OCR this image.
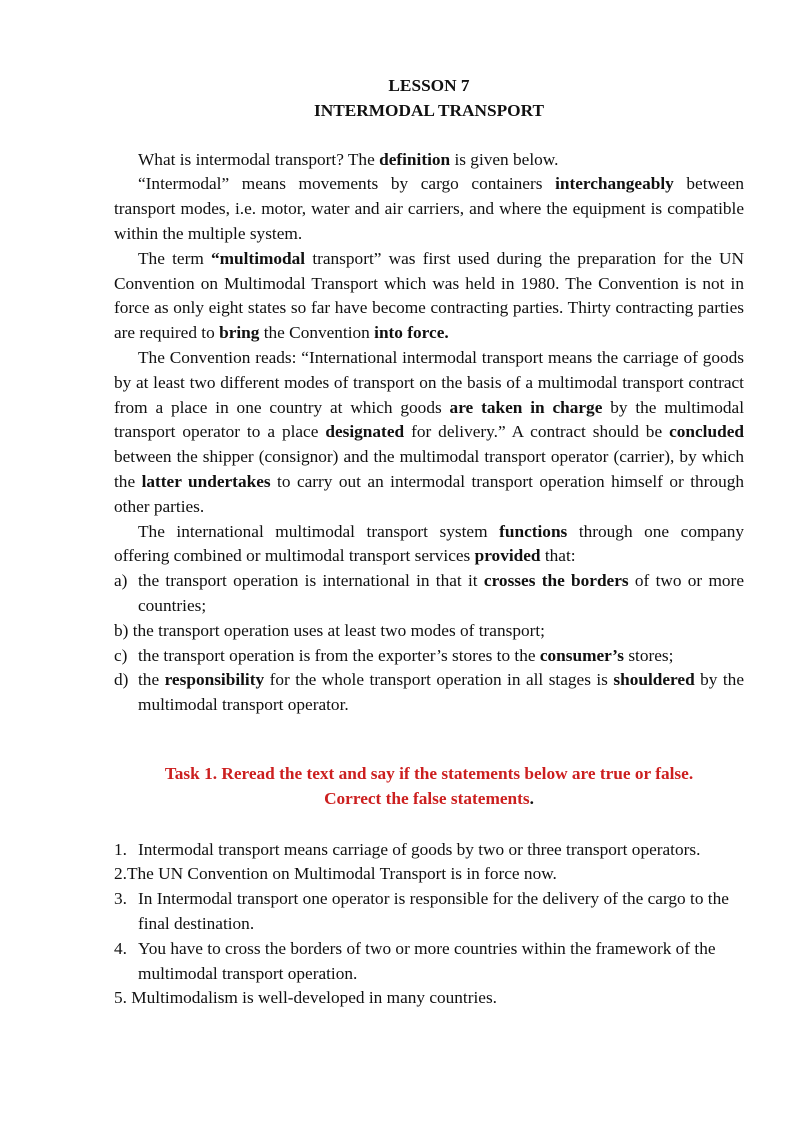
LESSON 7

INTERMODAL TRANSPORT

What is intermodal transport? The definition is given below.

“Intermodal” means movements by cargo containers interchangeably between transport modes, i.e. motor, water and air carriers, and where the equipment is compatible within the multiple system.

The term “multimodal transport” was first used during the preparation for the UN Convention on Multimodal Transport which was held in 1980. The Convention is not in force as only eight states so far have become contracting parties. Thirty contracting parties are required to bring the Convention into force.

The Convention reads: “International intermodal transport means the carriage of goods by at least two different modes of transport on the basis of a multimodal transport contract from a place in one country at which goods are taken in charge by the multimodal transport operator to a place designated for delivery.” A contract should be concluded between the shipper (consignor) and the multimodal transport operator (carrier), by which the latter undertakes to carry out an intermodal transport operation himself or through other parties.

The international multimodal transport system functions through one company offering combined or multimodal transport services provided that:

a) the transport operation is international in that it crosses the borders of two or more countries;
b) the transport operation uses at least two modes of transport;
c) the transport operation is from the exporter’s stores to the consumer’s stores;
d) the responsibility for the whole transport operation in all stages is shouldered by the multimodal transport operator.

Task 1. Reread the text and say if the statements below are true or false.

Correct the false statements.

1. Intermodal transport means carriage of goods by two or three transport operators.
2.The UN Convention on Multimodal Transport is in force now.
3. In Intermodal transport one operator is responsible for the delivery of the cargo to the final destination.
4. You have to cross the borders of two or more countries within the framework of the multimodal transport operation.
5. Multimodalism is well-developed in many countries.
